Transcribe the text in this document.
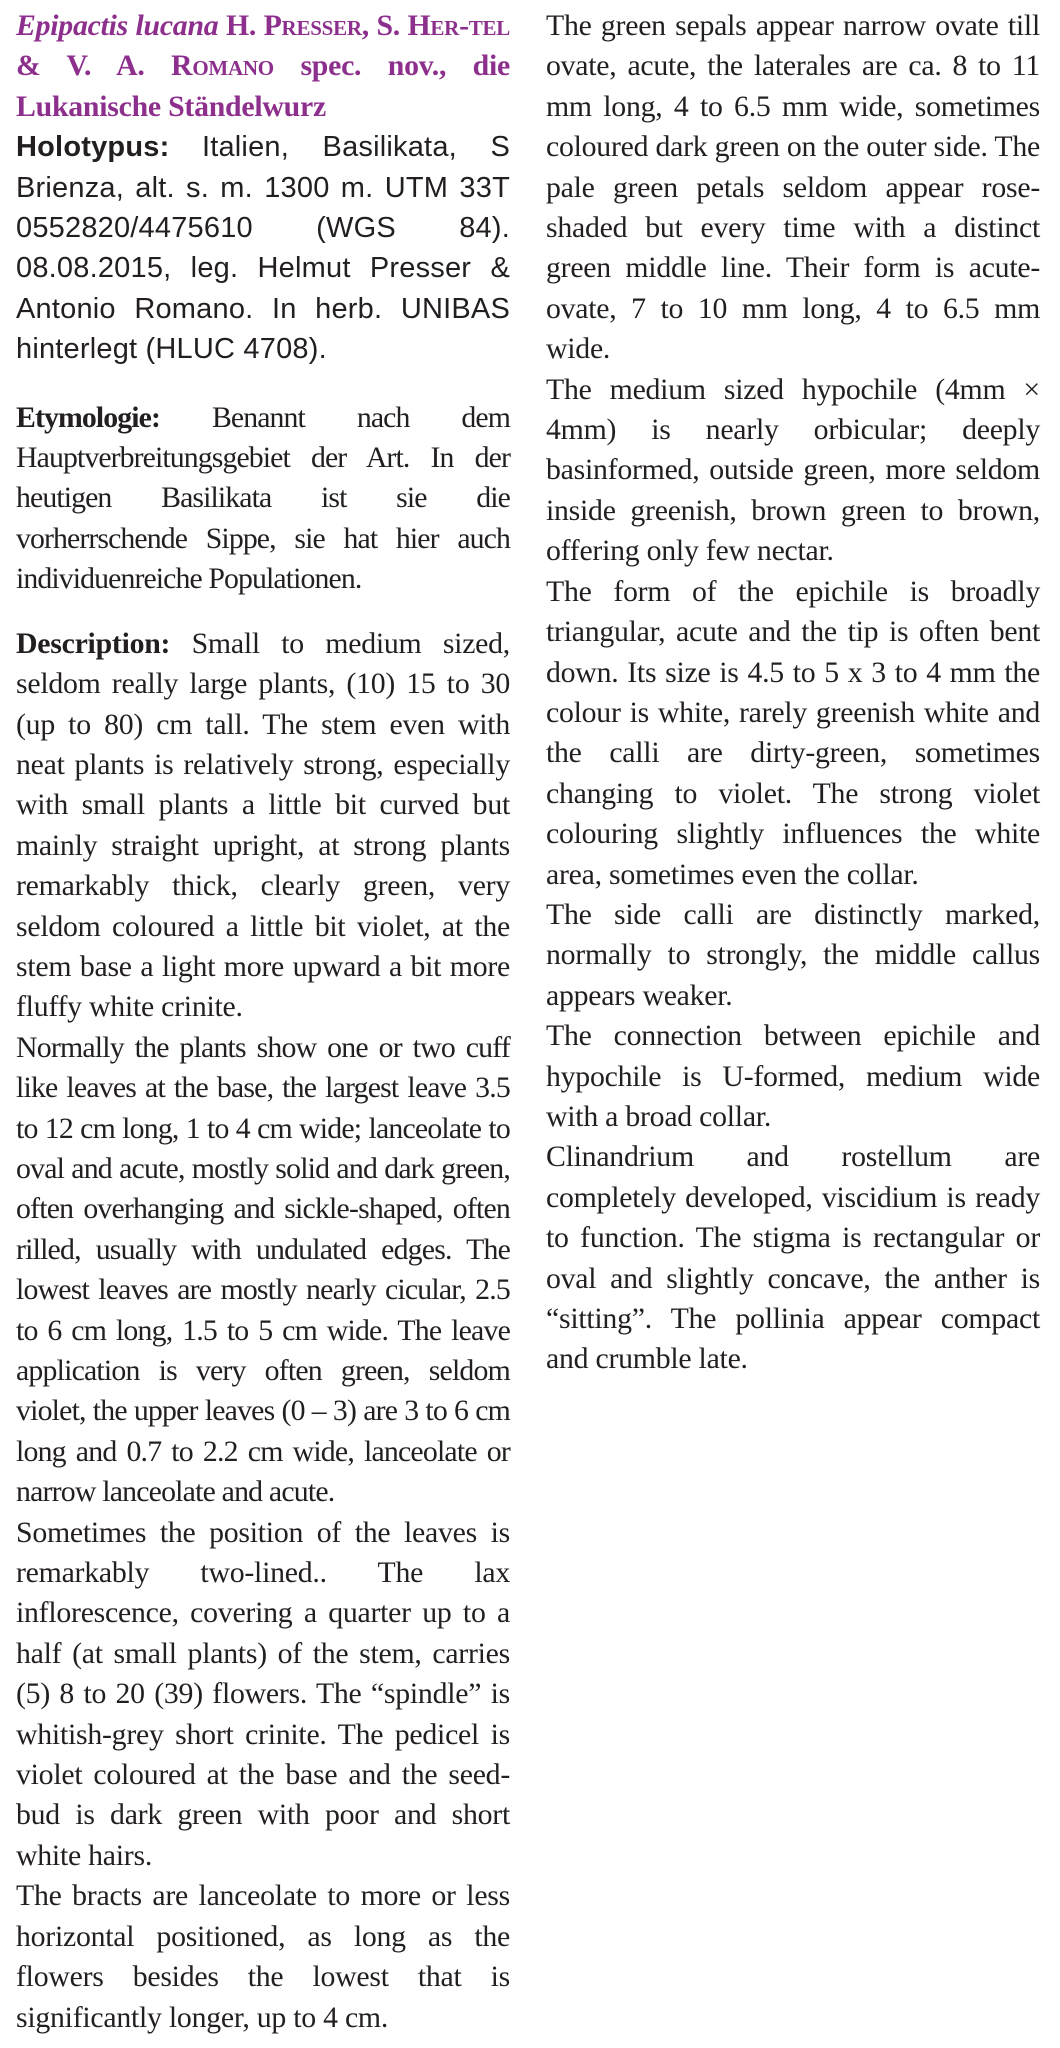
Epipactis lucana H. Presser, S. Her-tel & V. A. Romano spec. nov., die Lukanische Ständelwurz

Holotypus: Italien, Basilikata, S Brienza, alt. s. m. 1300 m. UTM 33T 0552820/4475610 (WGS 84). 08.08.2015, leg. Helmut Presser & Antonio Romano. In herb. UNIBAS hinterlegt (HLUC 4708).

Etymologie: Benannt nach dem Hauptverbreitungsgebiet der Art. In der heutigen Basilikata ist sie die vorherrschende Sippe, sie hat hier auch individuenreiche Populationen.

Description: Small to medium sized, seldom really large plants, (10) 15 to 30 (up to 80) cm tall. The stem even with neat plants is relatively strong, especially with small plants a little bit curved but mainly straight upright, at strong plants remarkably thick, clearly green, very seldom coloured a little bit violet, at the stem base a light more upward a bit more fluffy white crinite.

Normally the plants show one or two cuff like leaves at the base, the largest leave 3.5 to 12 cm long, 1 to 4 cm wide; lanceolate to oval and acute, mostly solid and dark green, often overhanging and sickle-shaped, often rilled, usually with undulated edges. The lowest leaves are mostly nearly cicular, 2.5 to 6 cm long, 1.5 to 5 cm wide. The leave application is very often green, seldom violet, the upper leaves (0 – 3) are 3 to 6 cm long and 0.7 to 2.2 cm wide, lanceolate or narrow lanceolate and acute.

Sometimes the position of the leaves is remarkably two-lined.. The lax inflorescence, covering a quarter up to a half (at small plants) of the stem, carries (5) 8 to 20 (39) flowers. The “spindle” is whitish-grey short crinite. The pedicel is violet coloured at the base and the seed-bud is dark green with poor and short white hairs.

The bracts are lanceolate to more or less horizontal positioned, as long as the flowers besides the lowest that is significantly longer, up to 4 cm.

The green sepals appear narrow ovate till ovate, acute, the laterales are ca. 8 to 11 mm long, 4 to 6.5 mm wide, sometimes coloured dark green on the outer side. The pale green petals seldom appear rose-shaded but every time with a distinct green middle line. Their form is acute-ovate, 7 to 10 mm long, 4 to 6.5 mm wide.

The medium sized hypochile (4mm × 4mm) is nearly orbicular; deeply basinformed, outside green, more seldom inside greenish, brown green to brown, offering only few nectar.

The form of the epichile is broadly triangular, acute and the tip is often bent down. Its size is 4.5 to 5 x 3 to 4 mm the colour is white, rarely greenish white and the calli are dirty-green, sometimes changing to violet. The strong violet colouring slightly influences the white area, sometimes even the collar.

The side calli are distinctly marked, normally to strongly, the middle callus appears weaker.

The connection between epichile and hypochile is U-formed, medium wide with a broad collar.

Clinandrium and rostellum are completely developed, viscidium is ready to function. The stigma is rectangular or oval and slightly concave, the anther is “sitting”. The pollinia appear compact and crumble late.
